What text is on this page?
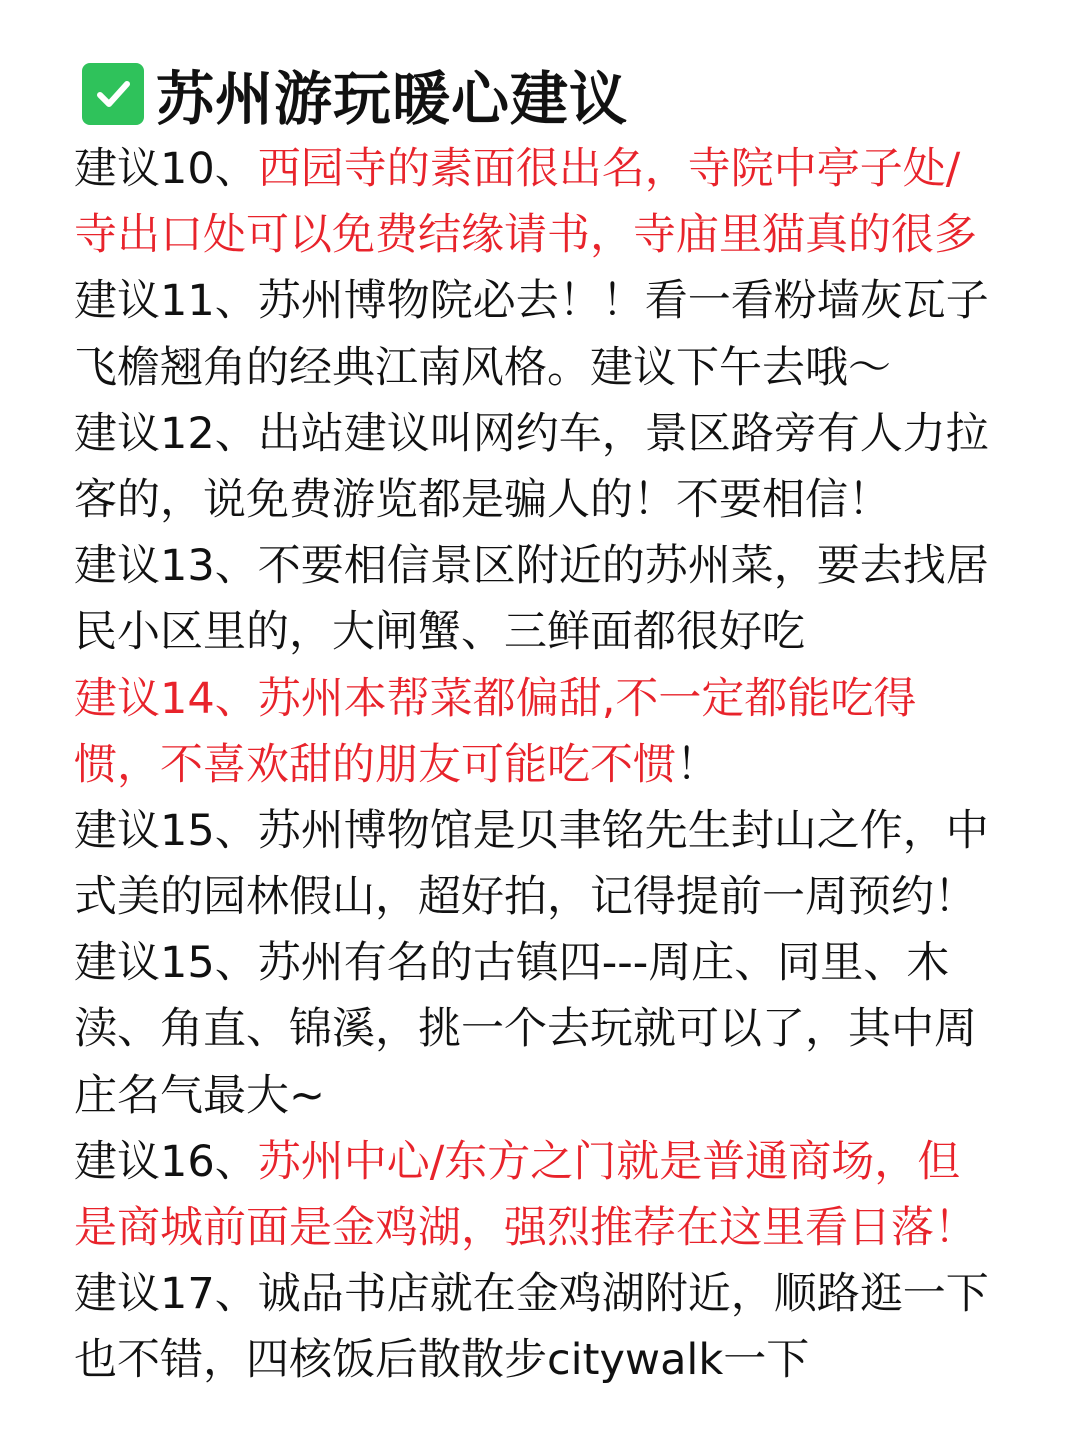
苏州游玩暖心建议
建议10、西园寺的素面很出名，寺院中亭子处/
寺出口处可以免费结缘请书，寺庙里猫真的很多
建议11、苏州博物院必去！！看一看粉墙灰瓦子
飞檐翘角的经典江南风格。建议下午去哦～
建议12、出站建议叫网约车，景区路旁有人力拉
客的，说免费游览都是骗人的！不要相信！
建议13、不要相信景区附近的苏州菜，要去找居
民小区里的，大闸蟹、三鲜面都很好吃
建议14、苏州本帮菜都偏甜,不一定都能吃得
惯，不喜欢甜的朋友可能吃不惯！
建议15、苏州博物馆是贝聿铭先生封山之作，中
式美的园林假山，超好拍，记得提前一周预约！
建议15、苏州有名的古镇四---周庄、同里、木
渎、角直、锦溪，挑一个去玩就可以了，其中周
庄名气最大~
建议16、苏州中心/东方之门就是普通商场，但
是商城前面是金鸡湖，强烈推荐在这里看日落！
建议17、诚品书店就在金鸡湖附近，顺路逛一下
也不错，四核饭后散散步citywalk一下
